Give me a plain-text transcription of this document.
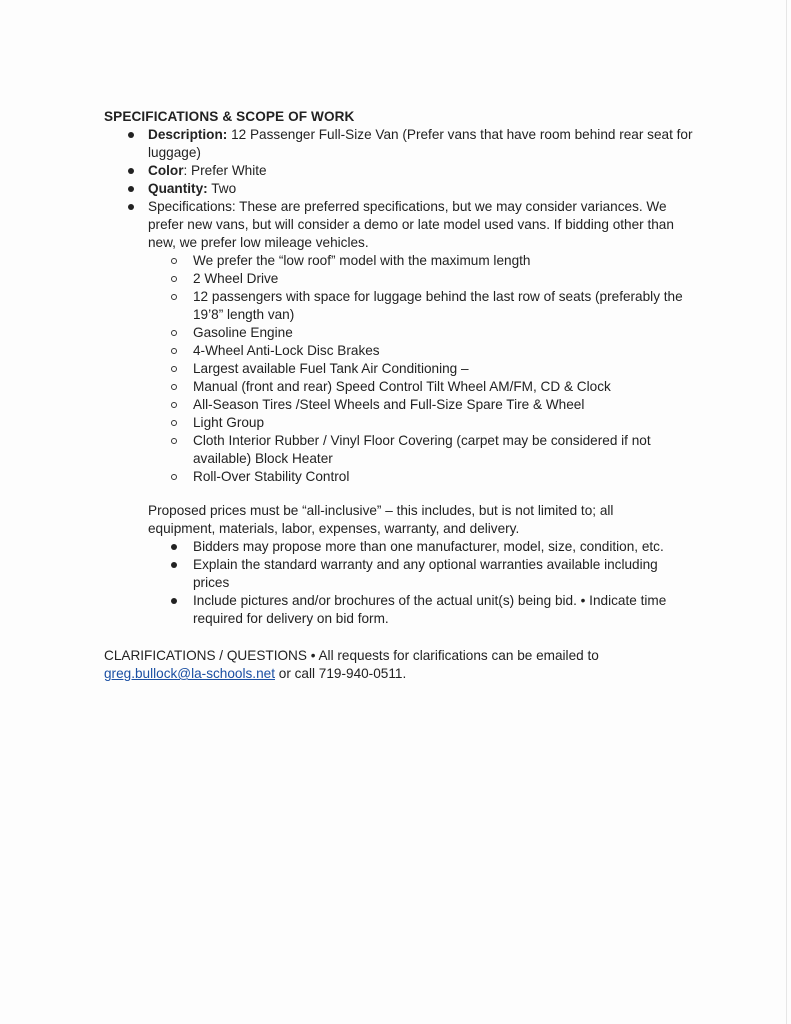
SPECIFICATIONS & SCOPE OF WORK
Description: 12 Passenger Full-Size Van (Prefer vans that have room behind rear seat for luggage)
Color: Prefer White
Quantity: Two
Specifications: These are preferred specifications, but we may consider variances. We prefer new vans, but will consider a demo or late model used vans. If bidding other than new, we prefer low mileage vehicles.
We prefer the “low roof” model with the maximum length
2 Wheel Drive
12 passengers with space for luggage behind the last row of seats (preferably the 19’8” length van)
Gasoline Engine
4-Wheel Anti-Lock Disc Brakes
Largest available Fuel Tank Air Conditioning –
Manual (front and rear) Speed Control Tilt Wheel AM/FM, CD & Clock
All-Season Tires /Steel Wheels and Full-Size Spare Tire & Wheel
Light Group
Cloth Interior Rubber / Vinyl Floor Covering (carpet may be considered if not available) Block Heater
Roll-Over Stability Control
Proposed prices must be “all-inclusive” – this includes, but is not limited to; all equipment, materials, labor, expenses, warranty, and delivery.
Bidders may propose more than one manufacturer, model, size, condition, etc.
Explain the standard warranty and any optional warranties available including prices
Include pictures and/or brochures of the actual unit(s) being bid. • Indicate time required for delivery on bid form.
CLARIFICATIONS / QUESTIONS • All requests for clarifications can be emailed to
greg.bullock@la-schools.net or call 719-940-0511.
